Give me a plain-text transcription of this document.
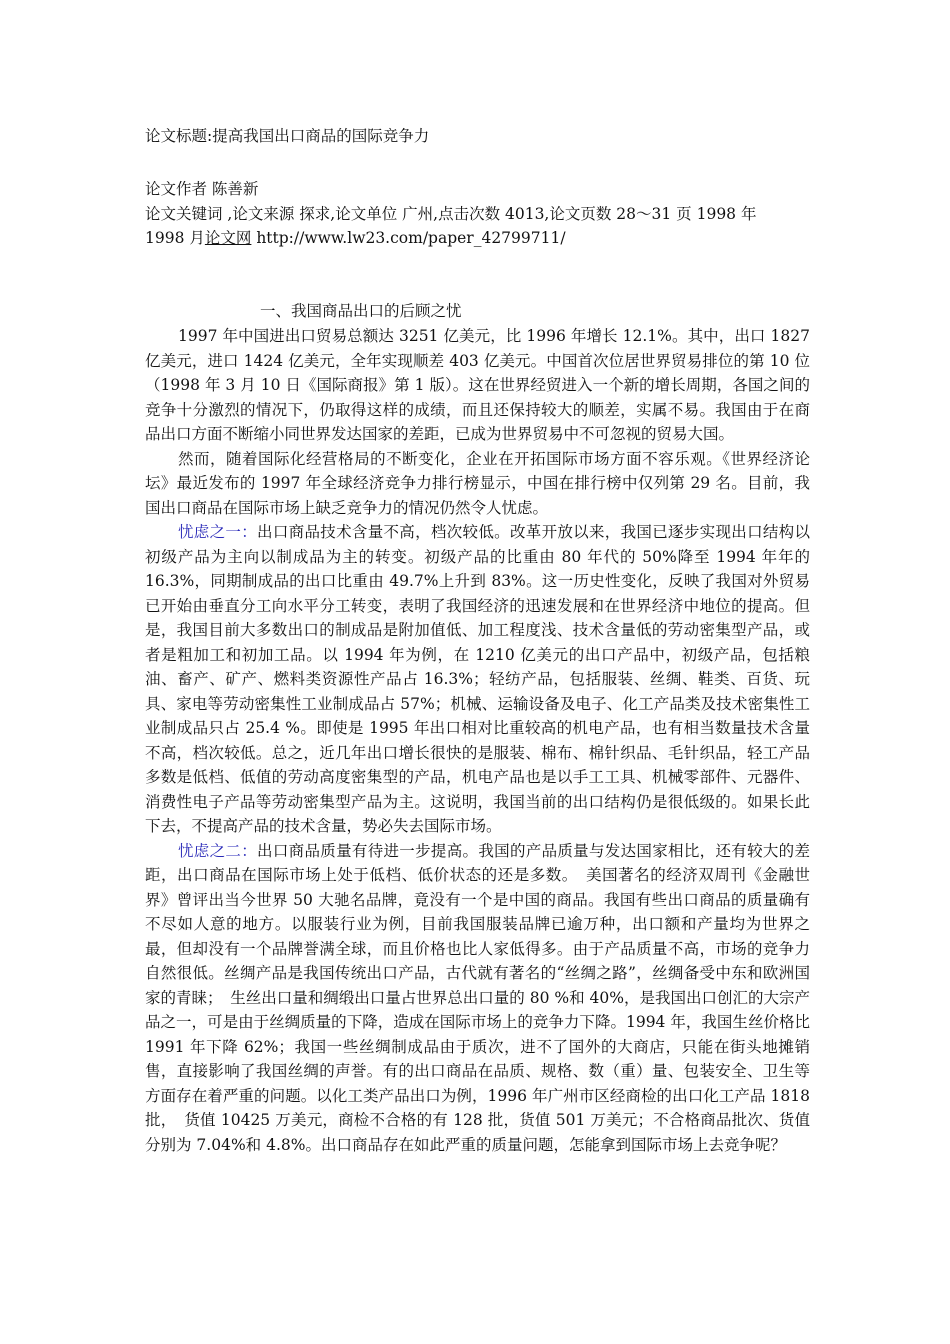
论文标题:提高我国出口商品的国际竞争力

论文作者 陈善新

论文关键词 ,论文来源 探求,论文单位 广州,点击次数 4013,论文页数 28～31 页 1998 年

1998 月论文网 http://www.lw23.com/paper_42799711/

一、我国商品出口的后顾之忧

1997 年中国进出口贸易总额达 3251 亿美元，比 1996 年增长 12.1%。其中，出口 1827 亿美元，进口 1424 亿美元，全年实现顺差 403 亿美元。中国首次位居世界贸易排位的第 10 位（1998 年 3 月 10 日《国际商报》第 1 版）。这在世界经贸进入一个新的增长周期，各国之间的竞争十分激烈的情况下，仍取得这样的成绩，而且还保持较大的顺差，实属不易。我国由于在商品出口方面不断缩小同世界发达国家的差距，已成为世界贸易中不可忽视的贸易大国。

然而，随着国际化经营格局的不断变化，企业在开拓国际市场方面不容乐观。《世界经济论坛》最近发布的 1997 年全球经济竞争力排行榜显示，中国在排行榜中仅列第 29 名。目前，我国出口商品在国际市场上缺乏竞争力的情况仍然令人忧虑。

忧虑之一：出口商品技术含量不高，档次较低。改革开放以来，我国已逐步实现出口结构以初级产品为主向以制成品为主的转变。初级产品的比重由 80 年代的 50%降至 1994 年年的 16.3%，同期制成品的出口比重由 49.7%上升到 83%。这一历史性变化，反映了我国对外贸易已开始由垂直分工向水平分工转变，表明了我国经济的迅速发展和在世界经济中地位的提高。但是，我国目前大多数出口的制成品是附加值低、加工程度浅、技术含量低的劳动密集型产品，或者是粗加工和初加工品。以 1994 年为例，在 1210 亿美元的出口产品中，初级产品，包括粮油、畜产、矿产、燃料类资源性产品占 16.3%；轻纺产品，包括服装、丝绸、鞋类、百货、玩具、家电等劳动密集性工业制成品占 57%；机械、运输设备及电子、化工产品类及技术密集性工业制成品只占 25.4 %。即使是 1995 年出口相对比重较高的机电产品，也有相当数量技术含量不高，档次较低。总之，近几年出口增长很快的是服装、棉布、棉针织品、毛针织品，轻工产品多数是低档、低值的劳动高度密集型的产品，机电产品也是以手工工具、机械零部件、元器件、消费性电子产品等劳动密集型产品为主。这说明，我国当前的出口结构仍是很低级的。如果长此下去，不提高产品的技术含量，势必失去国际市场。

忧虑之二：出口商品质量有待进一步提高。我国的产品质量与发达国家相比，还有较大的差距，出口商品在国际市场上处于低档、低价状态的还是多数。　美国著名的经济双周刊《金融世界》曾评出当今世界 50 大驰名品牌，竟没有一个是中国的商品。我国有些出口商品的质量确有不尽如人意的地方。以服装行业为例，目前我国服装品牌已逾万种，出口额和产量均为世界之最，但却没有一个品牌誉满全球，而且价格也比人家低得多。由于产品质量不高，市场的竞争力自然很低。丝绸产品是我国传统出口产品，古代就有著名的“丝绸之路”，丝绸备受中东和欧洲国家的青睐；　生丝出口量和绸缎出口量占世界总出口量的 80 %和 40%，是我国出口创汇的大宗产品之一，可是由于丝绸质量的下降，造成在国际市场上的竞争力下降。1994 年，我国生丝价格比 1991 年下降 62%；我国一些丝绸制成品由于质次，进不了国外的大商店，只能在街头地摊销售，直接影响了我国丝绸的声誉。有的出口商品在品质、规格、数（重）量、包装安全、卫生等方面存在着严重的问题。以化工类产品出口为例，1996 年广州市区经商检的出口化工产品 1818 批，　货值 10425 万美元，商检不合格的有 128 批，货值 501 万美元；不合格商品批次、货值分别为 7.04%和 4.8%。出口商品存在如此严重的质量问题，怎能拿到国际市场上去竞争呢？
